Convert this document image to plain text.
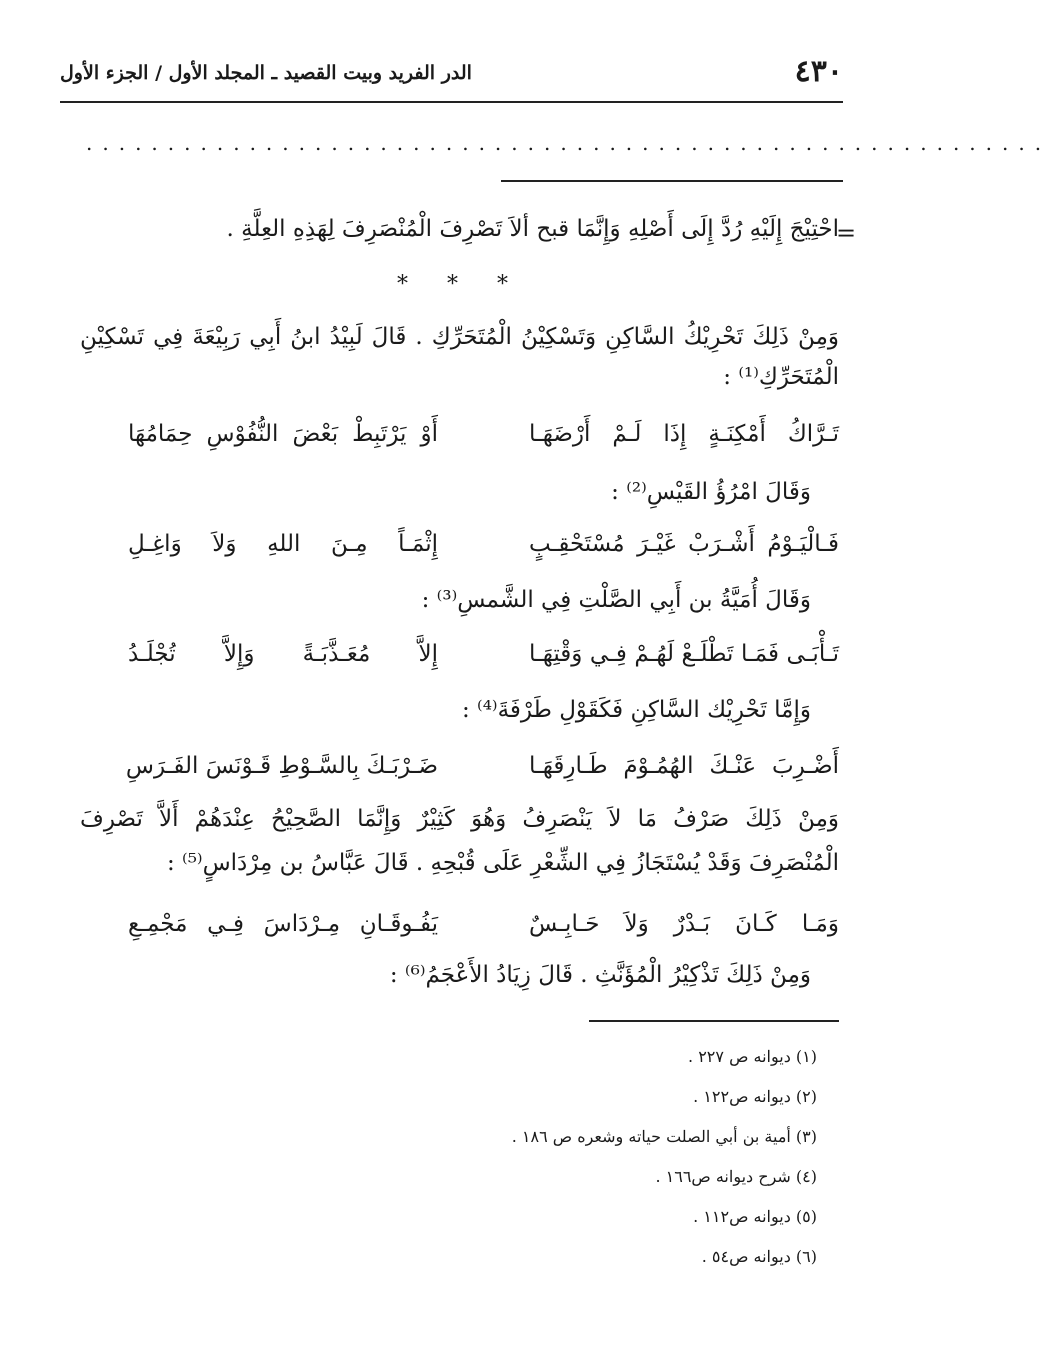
٤٣٠
الدر الفريد وبيت القصيد ـ المجلد الأول / الجزء الأول
...........................................................
=
احْتِيْجَ إِلَيْهِ رُدَّ إِلَى أَصْلِهِ وَإِنَّمَا قبح ألاَ تَصْرِفَ الْمُنْصَرِفَ لِهَذِهِ العِلَّةِ .
* * *
وَمِنْ ذَلِكَ تَحْرِيْكُ السَّاكِنِ وَتَسْكِيْنُ الْمُتَحَرِّكِ . قَالَ لَبِيْدُ ابنُ أَبِي رَبِيْعَةَ فِي تَسْكِيْنِ
الْمُتَحَرِّكِ⁽¹⁾ :
تَـرَّاكُ أَمْكِنَـةٍ إِذَا لَـمْ أَرْضَهَـا
أَوْ يَرْتَبِطْ بَعْضَ النُّفُوْسِ حِمَامُهَا
وَقَالَ امْرُؤُ القَيْسِ⁽²⁾ :
فَـالْيَـوْمُ أَشْـرَبْ غَيْـرَ مُسْتَحْقِـبٍ
إِثْمَـاً مِـنَ اللهِ وَلاَ وَاغِـلِ
وَقَالَ أُمَيَّةُ بن أَبِي الصَّلْتِ فِي الشَّمسِ⁽³⁾ :
تَـأْبَـى فَمَـا تَطْلَـعْ لَهُـمْ فِـي وَقْتِهَـا
إِلاَّ مُعَـذَّبَـةً وَإِلاَّ تُجْلَـدُ
وَإِمَّا تَحْرِيْك السَّاكِنِ فَكَقَوْلِ طَرْفَةَ⁽⁴⁾ :
أَضْـرِبَ عَنْـكَ الهُمُـوْمَ طَـارِقَهَـا
ضَـرْبَـكَ بِالسَّـوْطِ قَـوْنَسَ الفَـرَسِ
وَمِنْ ذَلِكَ صَرْفُ مَا لاَ يَنْصَرِفُ وَهُوَ كَثِيْرٌ وَإِنَّمَا الصَّحِيْحُ عِنْدَهُمْ أَلاَّ تَصْرِفَ
الْمُنْصَرِفَ وَقَدْ يُسْتَجَازُ فِي الشِّعْرِ عَلَى قُبْحِهِ . قَالَ عَبَّاسُ بن مِرْدَاسٍ⁽⁵⁾ :
وَمَـا كَـانَ بَـدْرٌ وَلاَ حَـابِـسٌ
يَفُـوقَـانِ مِـرْدَاسَ فِـي مَجْمِـعِ
وَمِنْ ذَلِكَ تَذْكِيْرُ الْمُؤَنَّثِ . قَالَ زِيَادُ الأَعْجَمُ⁽⁶⁾ :
(١) ديوانه ص ٢٢٧ .
(٢) ديوانه ص١٢٢ .
(٣) أمية بن أبي الصلت حياته وشعره ص ١٨٦ .
(٤) شرح ديوانه ص١٦٦ .
(٥) ديوانه ص١١٢ .
(٦) ديوانه ص٥٤ .
